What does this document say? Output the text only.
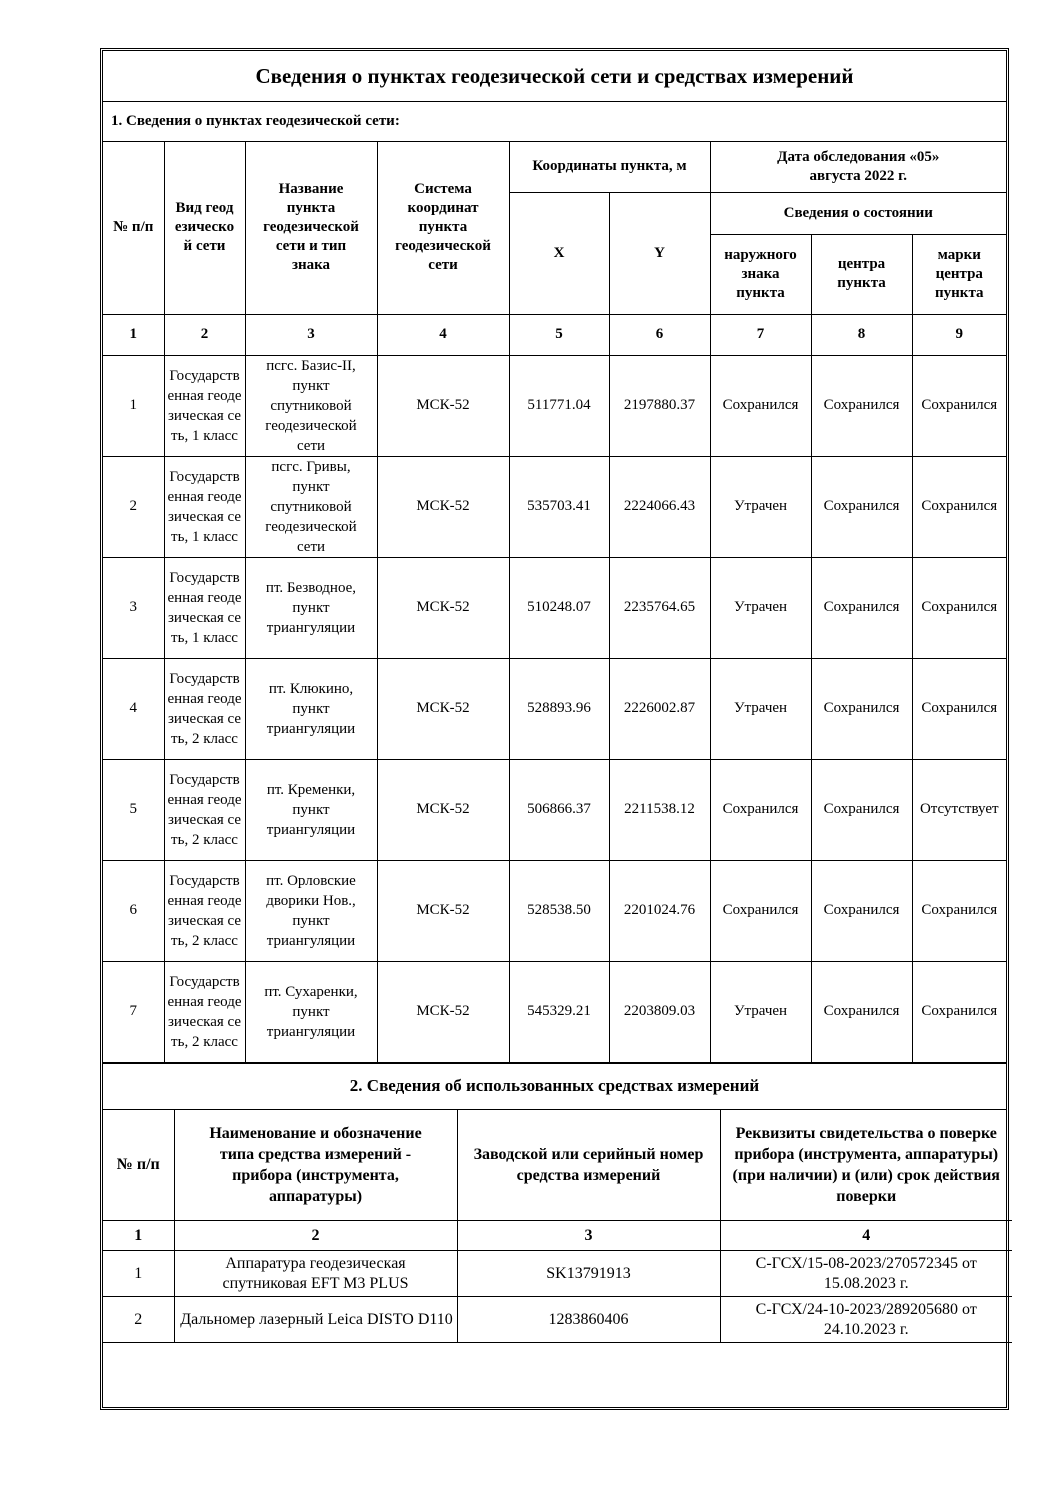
Сведения о пунктах геодезической сети и средствах измерений
1. Сведения о пунктах геодезической сети:
№ п/п	Вид геодезической сети	Название пункта геодезической сети и тип знака	Система координат пункта геодезической сети	Координаты пункта, м		Дата обследования «05» августа 2022 г.		

				X	Y	Сведения о состоянии		

						наружного знака пункта	центра пункта	марки центра пункта

1	2	3	4	5	6	7	8	9
1	Государственная геодезическая сеть, 1 класс	псгс. Базис-II, пункт спутниковой геодезической сети	МСК-52	511771.04	2197880.37	Сохранился	Сохранился	Сохранился
2	Государственная геодезическая сеть, 1 класс	псгс. Гривы, пункт спутниковой геодезической сети	МСК-52	535703.41	2224066.43	Утрачен	Сохранился	Сохранился
3	Государственная геодезическая сеть, 1 класс	пт. Безводное, пункт триангуляции	МСК-52	510248.07	2235764.65	Утрачен	Сохранился	Сохранился
4	Государственная геодезическая сеть, 2 класс	пт. Клюкино, пункт триангуляции	МСК-52	528893.96	2226002.87	Утрачен	Сохранился	Сохранился
5	Государственная геодезическая сеть, 2 класс	пт. Кременки, пункт триангуляции	МСК-52	506866.37	2211538.12	Сохранился	Сохранился	Отсутствует
6	Государственная геодезическая сеть, 2 класс	пт. Орловские дворики Нов., пункт триангуляции	МСК-52	528538.50	2201024.76	Сохранился	Сохранился	Сохранился
7	Государственная геодезическая сеть, 2 класс	пт. Сухаренки, пункт триангуляции	МСК-52	545329.21	2203809.03	Утрачен	Сохранился	Сохранился
2. Сведения об использованных средствах измерений
№ п/п	Наименование и обозначение типа средства измерений - прибора (инструмента, аппаратуры)	Заводской или серийный номер средства измерений	Реквизиты свидетельства о поверке прибора (инструмента, аппаратуры) (при наличии) и (или) срок действия поверки

1	2	3	4
1	Аппаратура геодезическая спутниковая EFT M3 PLUS	SK13791913	С-ГСХ/15-08-2023/270572345 от 15.08.2023 г.

2	Дальномер лазерный Leica DISTO D110	1283860406	С-ГСХ/24-10-2023/289205680 от 24.10.2023 г.
